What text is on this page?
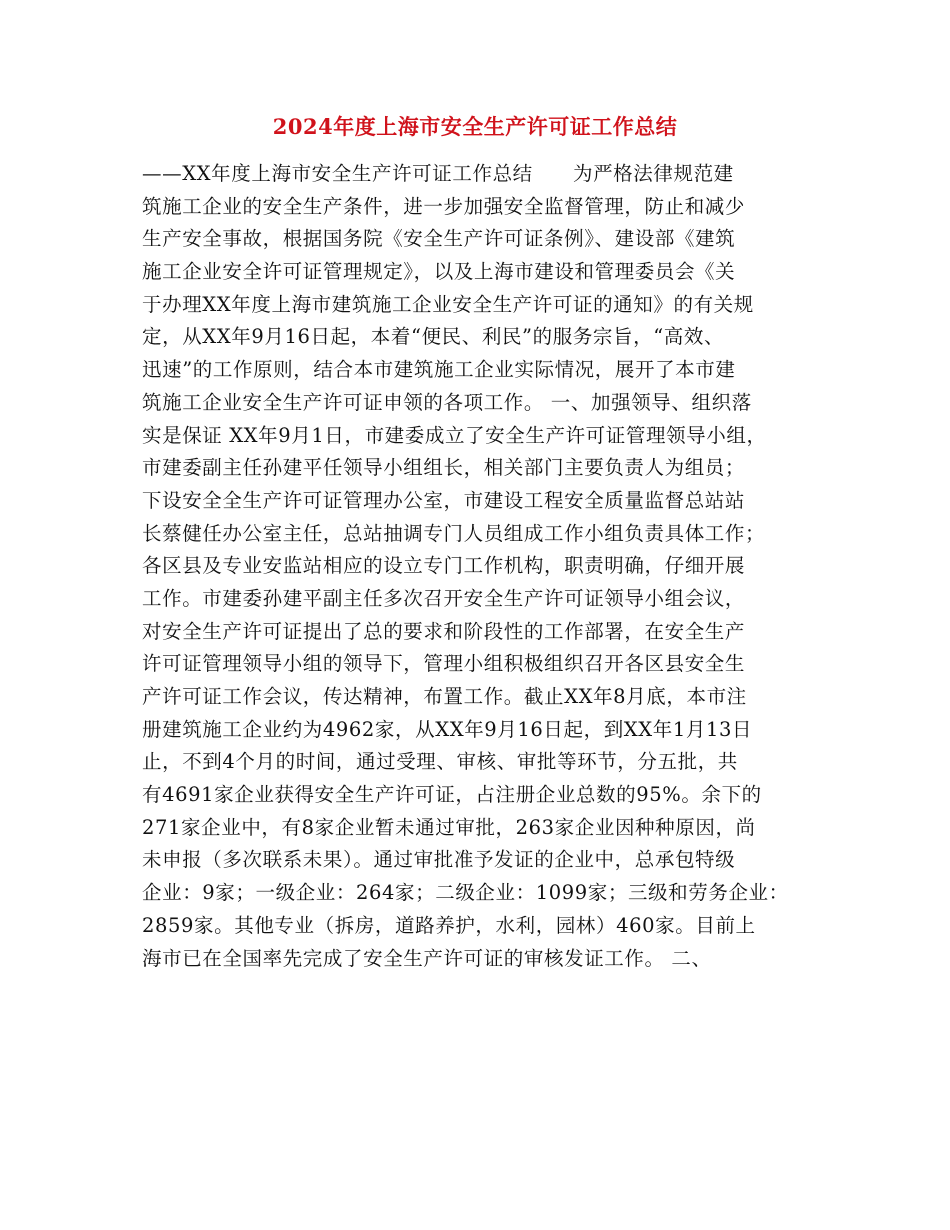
2024年度上海市安全生产许可证工作总结
——XX年度上海市安全生产许可证工作总结　　为严格法律规范建
筑施工企业的安全生产条件，进一步加强安全监督管理，防止和减少
生产安全事故，根据国务院《安全生产许可证条例》、建设部《建筑
施工企业安全许可证管理规定》，以及上海市建设和管理委员会《关
于办理XX年度上海市建筑施工企业安全生产许可证的通知》的有关规
定，从XX年9月16日起，本着“便民、利民”的服务宗旨，“高效、
迅速”的工作原则，结合本市建筑施工企业实际情况，展开了本市建
筑施工企业安全生产许可证申领的各项工作。 一、加强领导、组织落
实是保证 XX年9月1日，市建委成立了安全生产许可证管理领导小组，
市建委副主任孙建平任领导小组组长，相关部门主要负责人为组员；
下设安全全生产许可证管理办公室，市建设工程安全质量监督总站站
长蔡健任办公室主任，总站抽调专门人员组成工作小组负责具体工作；
各区县及专业安监站相应的设立专门工作机构，职责明确，仔细开展
工作。市建委孙建平副主任多次召开安全生产许可证领导小组会议，
对安全生产许可证提出了总的要求和阶段性的工作部署，在安全生产
许可证管理领导小组的领导下，管理小组积极组织召开各区县安全生
产许可证工作会议，传达精神，布置工作。截止XX年8月底，本市注
册建筑施工企业约为4962家，从XX年9月16日起，到XX年1月13日
止，不到4个月的时间，通过受理、审核、审批等环节，分五批，共
有4691家企业获得安全生产许可证，占注册企业总数的95%。余下的
271家企业中，有8家企业暂未通过审批，263家企业因种种原因，尚
未申报（多次联系未果）。通过审批准予发证的企业中，总承包特级
企业：9家；一级企业：264家；二级企业：1099家；三级和劳务企业：
2859家。其他专业（拆房，道路养护，水利，园林）460家。目前上
海市已在全国率先完成了安全生产许可证的审核发证工作。 二、
